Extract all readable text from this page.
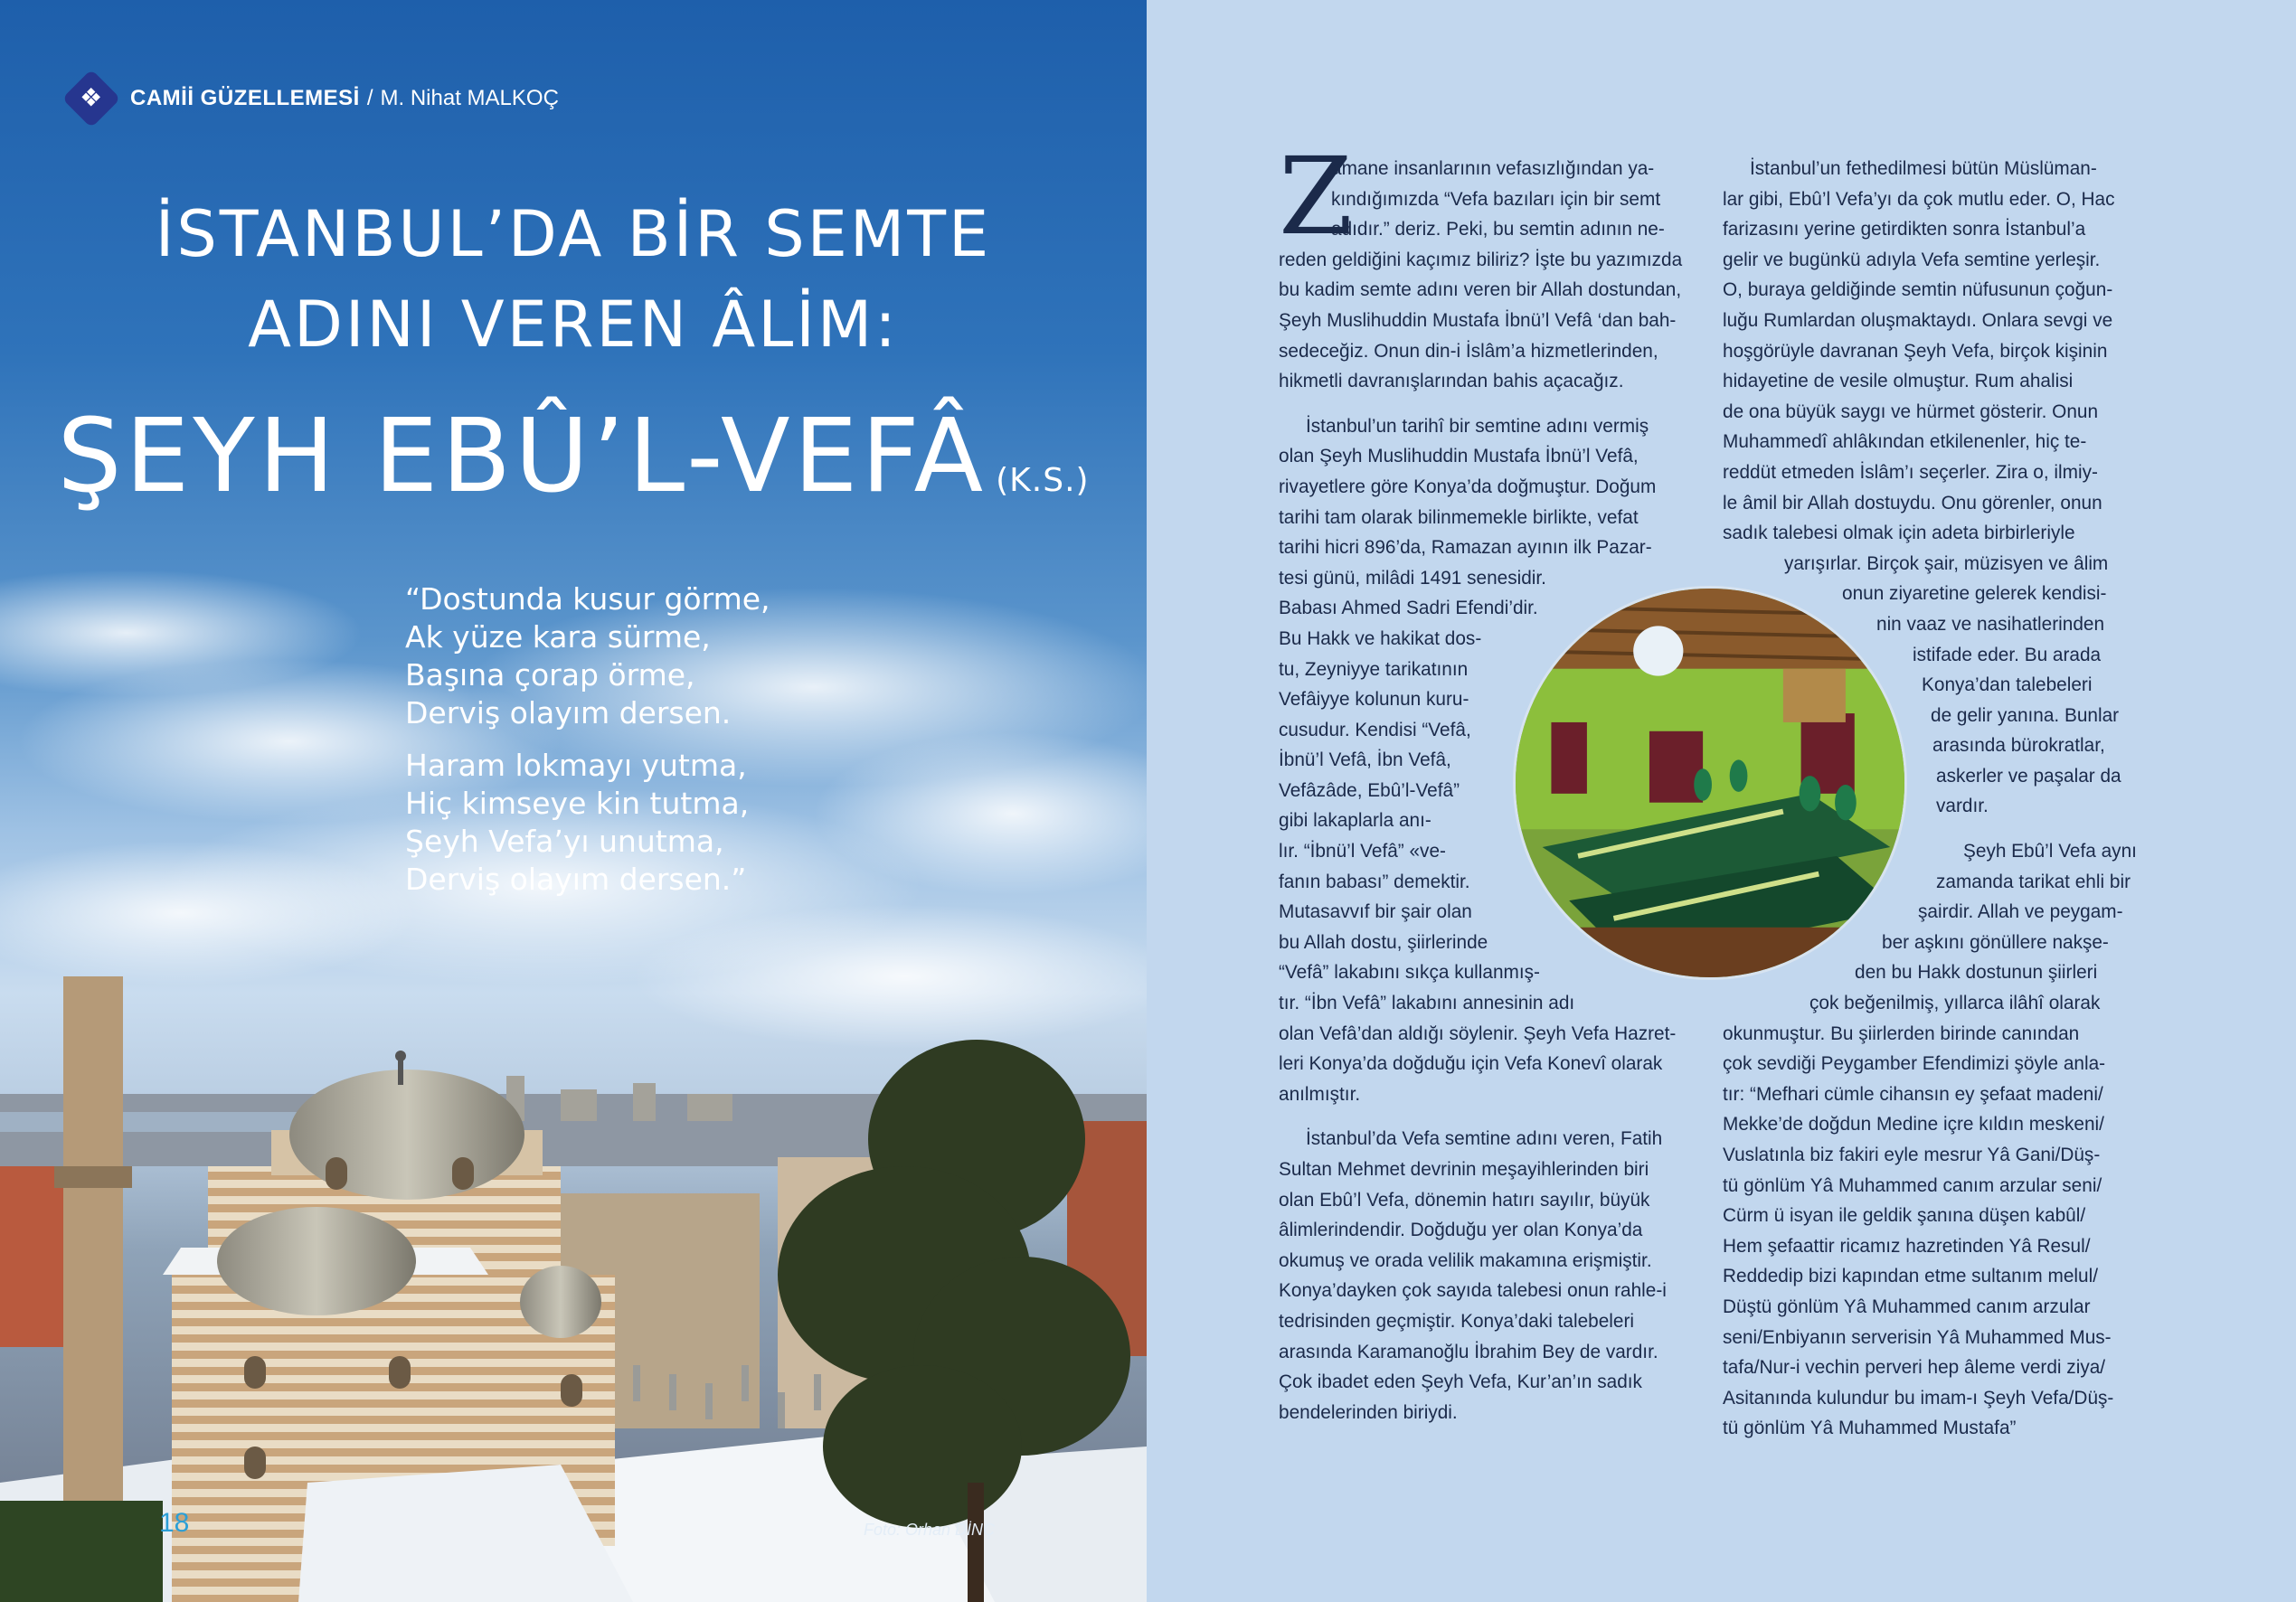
❖ CAMİİ GÜZELLEMESİ / M. Nihat MALKOÇ
İSTANBUL’DA BİR SEMTE
ADINI VEREN ÂLİM:
ŞEYH EBÛ’L-VEFÂ (K.S.)
“Dostunda kusur görme,
Ak yüze kara sürme,
Başına çorap örme,
Derviş olayım dersen.
Haram lokmayı yutma,
Hiç kimseye kin tutma,
Şeyh Vefa’yı unutma,
Derviş olayım dersen.”
18	Foto: Orhan DİNÇ
Z
amane insanlarının vefasızlığından ya-
kındığımızda “Vefa bazıları için bir semt
adıdır.” deriz. Peki, bu semtin adının ne-
reden geldiğini kaçımız biliriz? İşte bu yazımızda
bu kadim semte adını veren bir Allah dostundan,
Şeyh Muslihuddin Mustafa İbnü’l Vefâ ‘dan bah-
sedeceğiz. Onun din-i İslâm’a hizmetlerinden,
hikmetli davranışlarından bahis açacağız.
İstanbul’un tarihî bir semtine adını vermiş
olan Şeyh Muslihuddin Mustafa İbnü’l Vefâ,
rivayetlere göre Konya’da doğmuştur. Doğum
tarihi tam olarak bilinmemekle birlikte, vefat
tarihi hicri 896’da, Ramazan ayının ilk Pazar-
tesi günü, milâdi 1491 senesidir.
Babası Ahmed Sadri Efendi’dir.
Bu Hakk ve hakikat dos-
tu, Zeyniyye tarikatının
Vefâiyye kolunun kuru-
cusudur. Kendisi “Vefâ,
İbnü’l Vefâ, İbn Vefâ,
Vefâzâde, Ebû’l-Vefâ”
gibi lakaplarla anı-
lır. “İbnü’l Vefâ” «ve-
fanın babası” demektir.
Mutasavvıf bir şair olan
bu Allah dostu, şiirlerinde
“Vefâ” lakabını sıkça kullanmış-
tır. “İbn Vefâ” lakabını annesinin adı
olan Vefâ’dan aldığı söylenir. Şeyh Vefa Hazret-
leri Konya’da doğduğu için Vefa Konevî olarak
anılmıştır.
İstanbul’da Vefa semtine adını veren, Fatih
Sultan Mehmet devrinin meşayihlerinden biri
olan Ebû’l Vefa, dönemin hatırı sayılır, büyük
âlimlerindendir. Doğduğu yer olan Konya’da
okumuş ve orada velilik makamına erişmiştir.
Konya’dayken çok sayıda talebesi onun rahle-i
tedrisinden geçmiştir. Konya’daki talebeleri
arasında Karamanoğlu İbrahim Bey de vardır.
Çok ibadet eden Şeyh Vefa, Kur’an’ın sadık
bendelerinden biriydi.
İstanbul’un fethedilmesi bütün Müslüman-
lar gibi, Ebû’l Vefa’yı da çok mutlu eder. O, Hac
farizasını yerine getirdikten sonra İstanbul’a
gelir ve bugünkü adıyla Vefa semtine yerleşir.
O, buraya geldiğinde semtin nüfusunun çoğun-
luğu Rumlardan oluşmaktaydı. Onlara sevgi ve
hoşgörüyle davranan Şeyh Vefa, birçok kişinin
hidayetine de vesile olmuştur. Rum ahalisi
de ona büyük saygı ve hürmet gösterir. Onun
Muhammedî ahlâkından etkilenenler, hiç te-
reddüt etmeden İslâm’ı seçerler. Zira o, ilmiy-
le âmil bir Allah dostuydu. Onu görenler, onun
sadık talebesi olmak için adeta birbirleriyle
yarışırlar. Birçok şair, müzisyen ve âlim
onun ziyaretine gelerek kendisi-
nin vaaz ve nasihatlerinden
istifade eder. Bu arada
Konya’dan talebeleri
de gelir yanına. Bunlar
arasında bürokratlar,
askerler ve paşalar da
vardır.
Şeyh Ebû’l Vefa aynı
zamanda tarikat ehli bir
şairdir. Allah ve peygam-
ber aşkını gönüllere nakşe-
den bu Hakk dostunun şiirleri
çok beğenilmiş, yıllarca ilâhî olarak
okunmuştur. Bu şiirlerden birinde canından
çok sevdiği Peygamber Efendimizi şöyle anla-
tır: “Mefhari cümle cihansın ey şefaat madeni/
Mekke’de doğdun Medine içre kıldın meskeni/
Vuslatınla biz fakiri eyle mesrur Yâ Gani/Düş-
tü gönlüm Yâ Muhammed canım arzular seni/
Cürm ü isyan ile geldik şanına düşen kabûl/
Hem şefaattir ricamız hazretinden Yâ Resul/
Reddedip bizi kapından etme sultanım melul/
Düştü gönlüm Yâ Muhammed canım arzular
seni/Enbiyanın serverisin Yâ Muhammed Mus-
tafa/Nur-i vechin perveri hep âleme verdi ziya/
Asitanında kulundur bu imam-ı Şeyh Vefa/Düş-
tü gönlüm Yâ Muhammed Mustafa”
